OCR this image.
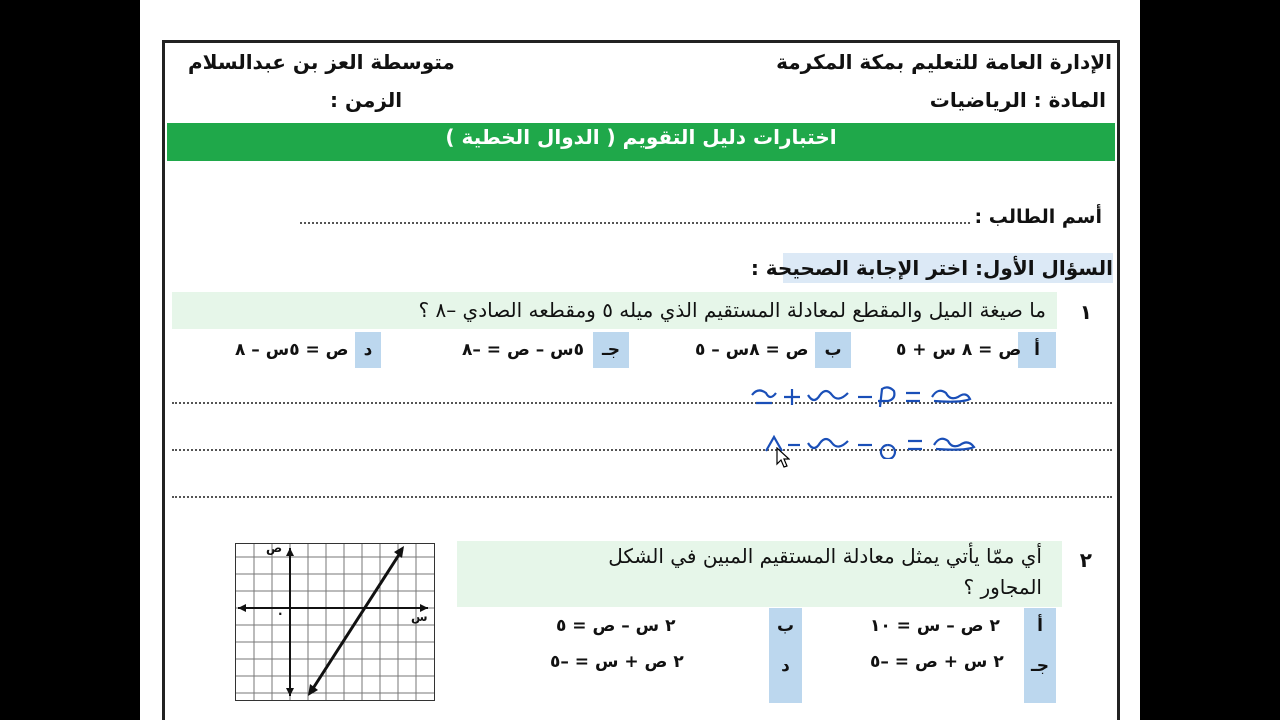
الإدارة العامة للتعليم بمكة المكرمة
متوسطة العز بن عبدالسلام
المادة : الرياضيات
الزمن :
اختبارات دليل التقويم ( الدوال الخطية )
أسم الطالب :
السؤال الأول: اختر الإجابة الصحيحة :
١
ما صيغة الميل والمقطع لمعادلة المستقيم الذي ميله ٥ ومقطعه الصادي –٨ ؟
أ
ص = ٨ س + ٥
ب
ص = ٨س – ٥
جـ
٥س – ص = –٨
د
ص = ٥س – ٨
٢
أي ممّا يأتي يمثل معادلة المستقيم المبين في الشكل
المجاور ؟
أ
جـ
٢ ص – س = ١٠
٢ س + ص = –٥
ب
د
٢ س – ص = ٥
٢ ص + س = –٥
ص
س
.
